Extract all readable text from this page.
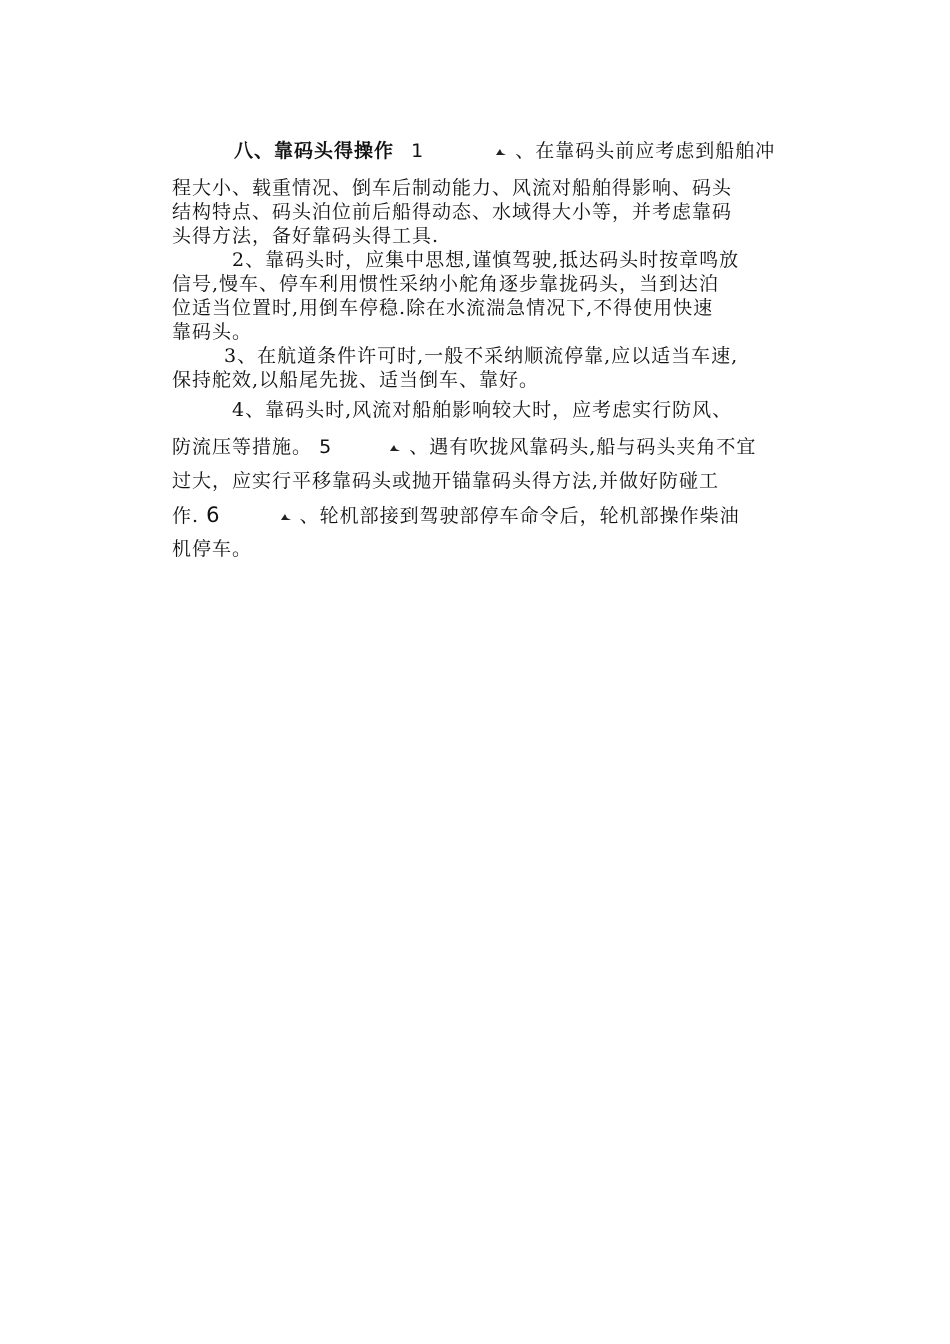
八、靠码头得操作 1	、在靠码头前应考虑到船舶冲
程大小、载重情况、倒车后制动能力、风流对船舶得影响、码头
结构特点、码头泊位前后船得动态、水域得大小等，并考虑靠码
头得方法，备好靠码头得工具.
2、靠码头时，应集中思想,谨慎驾驶,抵达码头时按章鸣放
信号,慢车、停车利用惯性采纳小舵角逐步靠拢码头，当到达泊
位适当位置时,用倒车停稳.除在水流湍急情况下,不得使用快速
靠码头。
3、在航道条件许可时,一般不采纳顺流停靠,应以适当车速,
保持舵效,以船尾先拢、适当倒车、靠好。
4、靠码头时,风流对船舶影响较大时，应考虑实行防风、
防流压等措施。 5	、遇有吹拢风靠码头,船与码头夹角不宜
过大，应实行平移靠码头或抛开锚靠码头得方法,并做好防碰工
作. 6	、轮机部接到驾驶部停车命令后，轮机部操作柴油
机停车。
